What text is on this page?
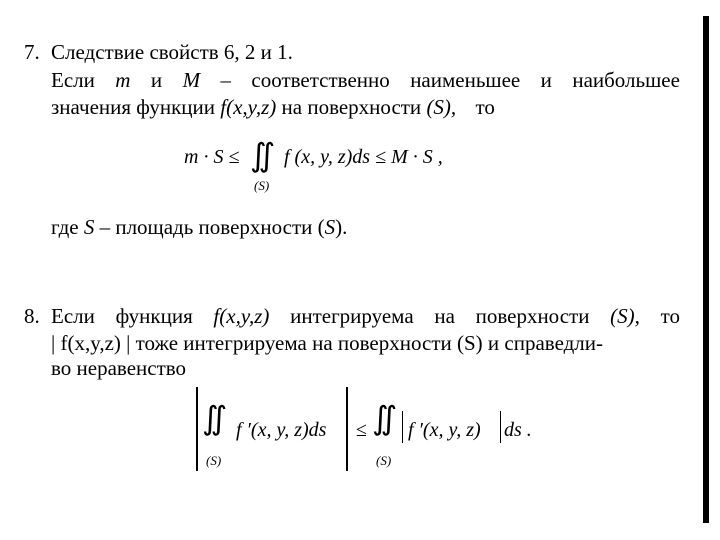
7. Следствие свойств 6, 2 и 1.
Если m и M – соответственно наименьшее и наибольшее
значения функции f(x,y,z) на поверхности (S), то
m · S ≤ ∬ f (x, y, z)ds ≤ M · S ,
(S)
где S – площадь поверхности (S).
8. Если функция f(x,y,z) интегрируема на поверхности (S), то
| f(x,y,z) | тоже интегрируема на поверхности (S) и справедли-
во неравенство
∬ f ′(x, y, z)ds
(S)
≤ ∬ f ′(x, y, z) ds .
(S)
